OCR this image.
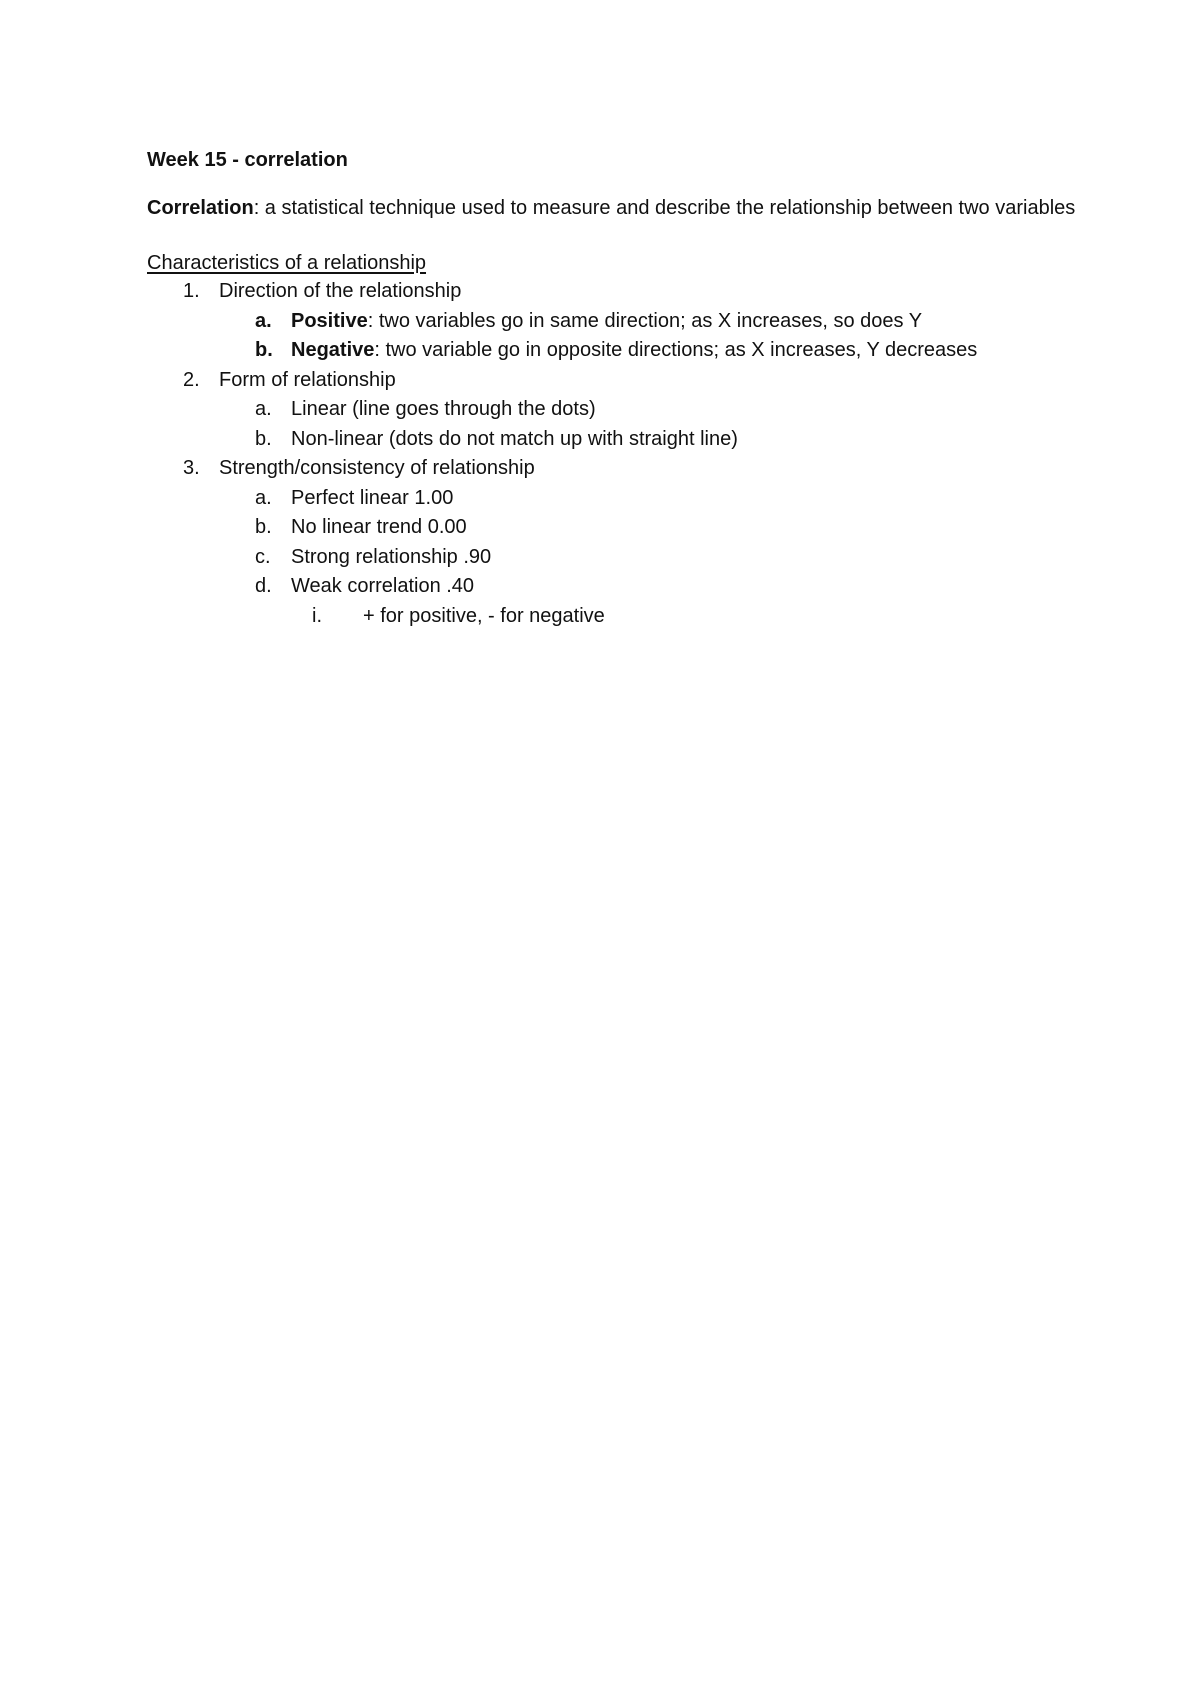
Week 15 - correlation

Correlation: a statistical technique used to measure and describe the relationship between two variables

Characteristics of a relationship

1. Direction of the relationship
a. Positive: two variables go in same direction; as X increases, so does Y
b. Negative: two variable go in opposite directions; as X increases, Y decreases
2. Form of relationship
a. Linear (line goes through the dots)
b. Non-linear (dots do not match up with straight line)
3. Strength/consistency of relationship
a. Perfect linear 1.00
b. No linear trend 0.00
c. Strong relationship .90
d. Weak correlation .40
i. + for positive, - for negative
